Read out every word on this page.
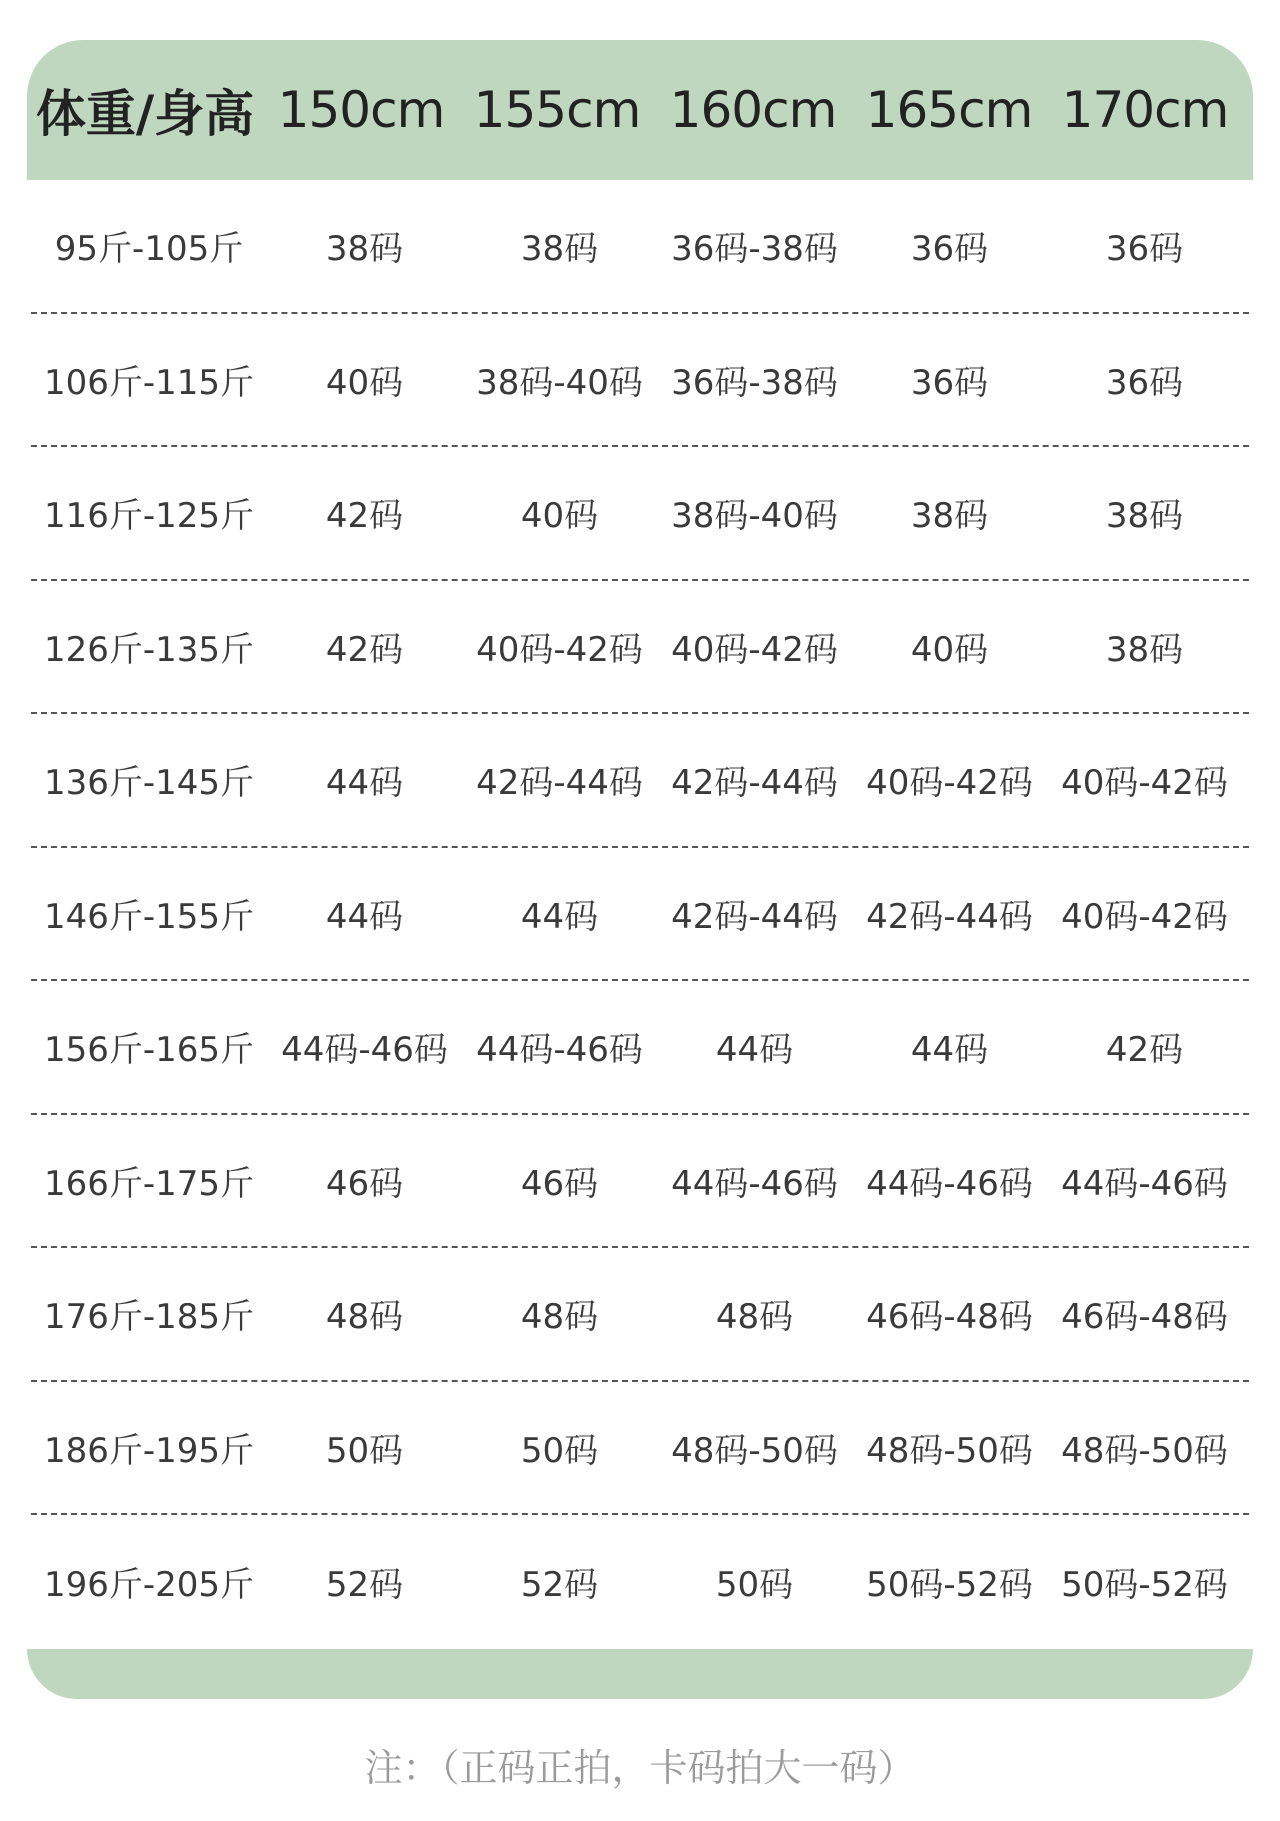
体重/身高 150cm 155cm 160cm 165cm 170cm
95斤-105斤	38码	38码	36码-38码	36码	36码
106斤-115斤	40码	38码-40码 36码-38码	36码	36码
116斤-125斤	42码	40码	38码-40码	38码	38码
126斤-135斤	42码	40码-42码 40码-42码	40码	38码
136斤-145斤	44码	42码-44码 42码-44码 40码-42码 40码-42码
146斤-155斤	44码	44码	42码-44码 42码-44码 40码-42码
156斤-165斤 44码-46码 44码-46码	44码	44码	42码
166斤-175斤	46码	46码	44码-46码 44码-46码 44码-46码
176斤-185斤	48码	48码	48码	46码-48码 46码-48码
186斤-195斤	50码	50码	48码-50码 48码-50码 48码-50码
196斤-205斤	52码	52码	50码	50码-52码 50码-52码
注：（正码正拍，卡码拍大一码）
